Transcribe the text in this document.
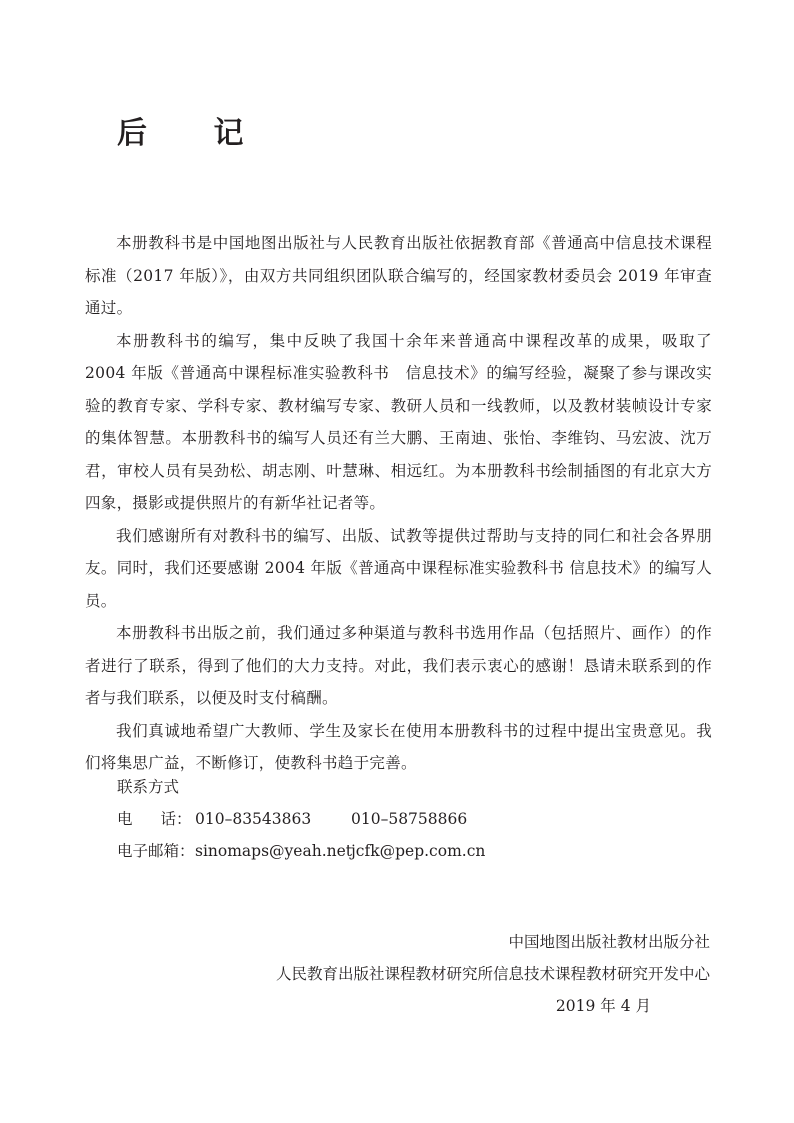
后 记

本册教科书是中国地图出版社与人民教育出版社依据教育部《普通高中信息技术课程标准（2017 年版）》，由双方共同组织团队联合编写的，经国家教材委员会 2019 年审查通过。

本册教科书的编写，集中反映了我国十余年来普通高中课程改革的成果，吸取了 2004 年版《普通高中课程标准实验教科书　信息技术》的编写经验，凝聚了参与课改实验的教育专家、学科专家、教材编写专家、教研人员和一线教师，以及教材装帧设计专家的集体智慧。本册教科书的编写人员还有兰大鹏、王南迪、张怡、李维钧、马宏波、沈万君，审校人员有吴劲松、胡志刚、叶慧琳、相远红。为本册教科书绘制插图的有北京大方四象，摄影或提供照片的有新华社记者等。

我们感谢所有对教科书的编写、出版、试教等提供过帮助与支持的同仁和社会各界朋友。同时，我们还要感谢 2004 年版《普通高中课程标准实验教科书 信息技术》的编写人员。

本册教科书出版之前，我们通过多种渠道与教科书选用作品（包括照片、画作）的作者进行了联系，得到了他们的大力支持。对此，我们表示衷心的感谢！恳请未联系到的作者与我们联系，以便及时支付稿酬。

我们真诚地希望广大教师、学生及家长在使用本册教科书的过程中提出宝贵意见。我们将集思广益，不断修订，使教科书趋于完善。

联系方式
电 话： 010–83543863	010–58758866
电子邮箱：sinomaps@yeah.netjcfk@pep.com.cn
中国地图出版社教材出版分社
人民教育出版社课程教材研究所信息技术课程教材研究开发中心
2019 年 4 月
